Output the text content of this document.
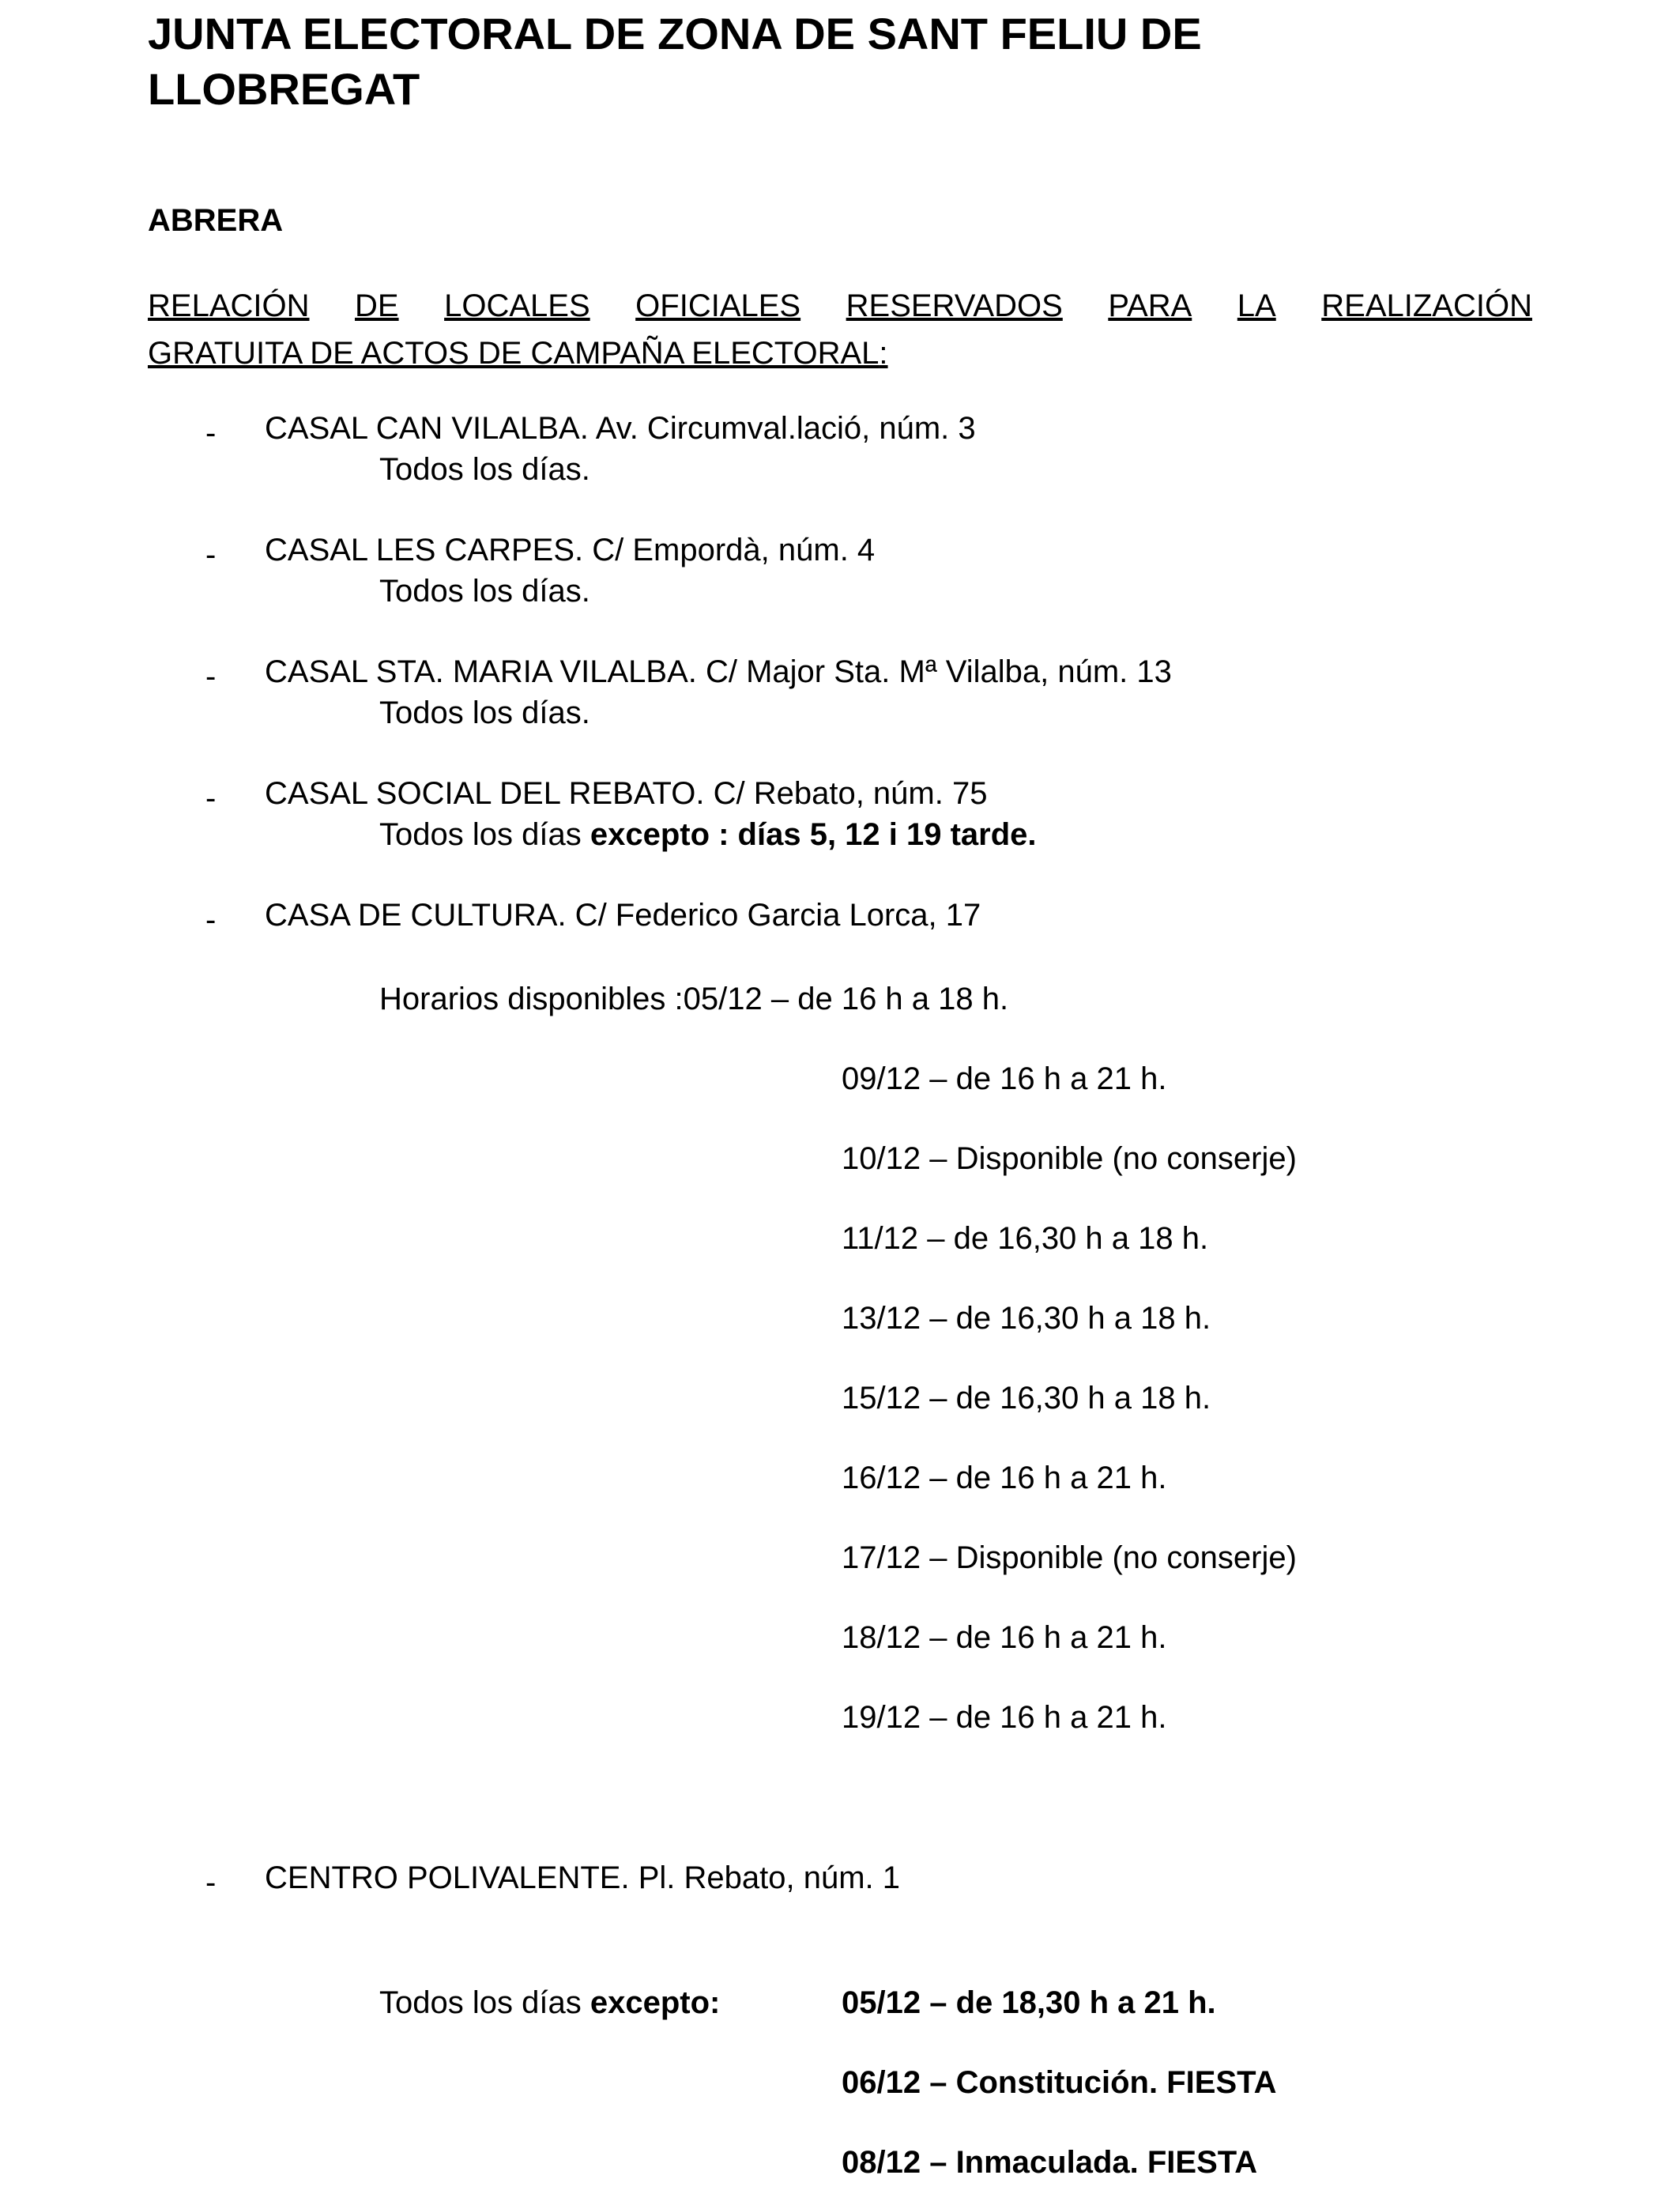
JUNTA ELECTORAL DE ZONA DE SANT FELIU DE
LLOBREGAT
ABRERA
RELACIÓN DE LOCALES OFICIALES RESERVADOS PARA LA REALIZACIÓN
GRATUITA DE ACTOS DE CAMPAÑA ELECTORAL:
- CASAL CAN VILALBA. Av. Circumval.lació, núm. 3
Todos los días.
- CASAL LES CARPES. C/ Empordà, núm. 4
Todos los días.
- CASAL STA. MARIA VILALBA. C/ Major Sta. Mª Vilalba, núm. 13
Todos los días.
- CASAL SOCIAL DEL REBATO. C/ Rebato, núm. 75
Todos los días excepto : días 5, 12 i 19 tarde.
- CASA DE CULTURA. C/ Federico Garcia Lorca, 17
Horarios disponibles :05/12 – de 16 h a 18 h.
09/12 – de 16 h a 21 h.
10/12 – Disponible (no conserje)
11/12 – de 16,30 h a 18 h.
13/12 – de 16,30 h a 18 h.
15/12 – de 16,30 h a 18 h.
16/12 – de 16 h a 21 h.
17/12 – Disponible (no conserje)
18/12 – de 16 h a 21 h.
19/12 – de 16 h a 21 h.
- CENTRO POLIVALENTE. Pl. Rebato, núm. 1
Todos los días excepto:	05/12 – de 18,30 h a 21 h.
06/12 – Constitución. FIESTA
08/12 – Inmaculada. FIESTA
